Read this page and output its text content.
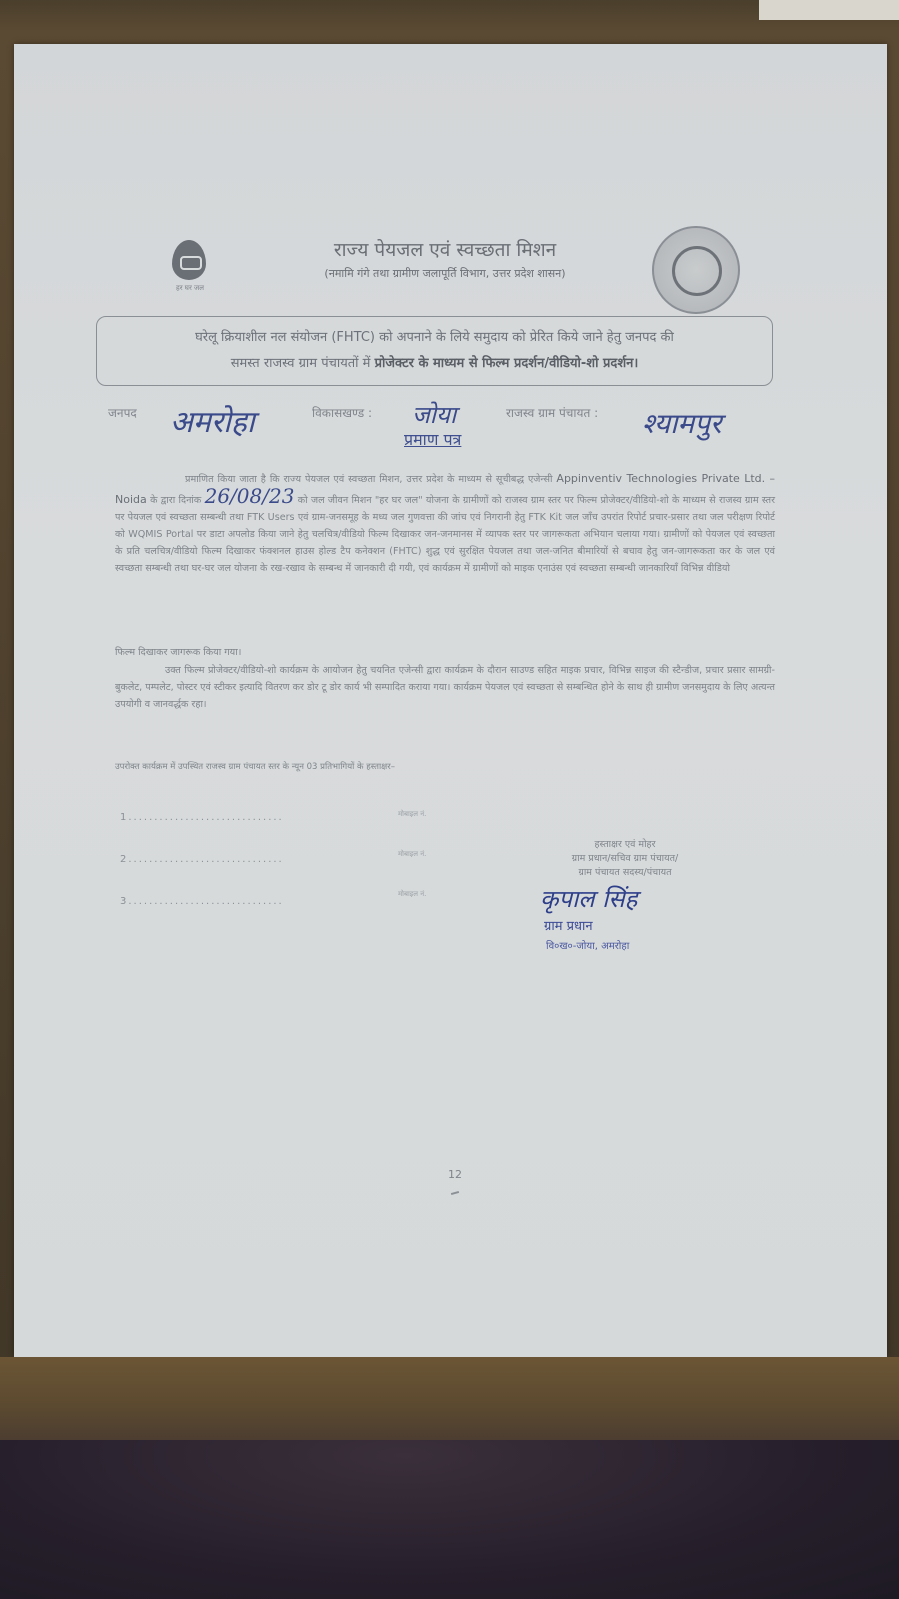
हर घर जल
राज्य पेयजल एवं स्वच्छता मिशन
(नमामि गंगे तथा ग्रामीण जलापूर्ति विभाग, उत्तर प्रदेश शासन)
घरेलू क्रियाशील नल संयोजन (FHTC) को अपनाने के लिये समुदाय को प्रेरित किये जाने हेतु जनपद की
समस्त राजस्व ग्राम पंचायतों में प्रोजेक्टर के माध्यम से फिल्म प्रदर्शन/वीडियो-शो प्रदर्शन।
जनपद अमरोहा	विकासखण्ड : जोया	राजस्व ग्राम पंचायत : श्यामपुर
प्रमाण पत्र
प्रमाणित किया जाता है कि राज्य पेयजल एवं स्वच्छता मिशन, उत्तर प्रदेश के माध्यम से सूचीबद्ध एजेन्सी Appinventiv Technologies Private Ltd. – Noida के द्वारा दिनांक 26/08/23 को जल जीवन मिशन "हर घर जल" योजना के ग्रामीणों को राजस्व ग्राम स्तर पर फिल्म प्रोजेक्टर/वीडियो-शो के माध्यम से राजस्व ग्राम स्तर पर पेयजल एवं स्वच्छता सम्बन्धी तथा FTK Users एवं ग्राम-जनसमूह के मध्य जल गुणवत्ता की जांच एवं निगरानी हेतु FTK Kit जल जाँच उपरांत रिपोर्ट प्रचार-प्रसार तथा जल परीक्षण रिपोर्ट को WQMIS Portal पर डाटा अपलोड किया जाने हेतु चलचित्र/वीडियो फिल्म दिखाकर जन-जनमानस में व्यापक स्तर पर जागरूकता अभियान चलाया गया। ग्रामीणों को पेयजल एवं स्वच्छता के प्रति चलचित्र/वीडियो फिल्म दिखाकर फंक्शनल हाउस होल्ड टैप कनेक्शन (FHTC) शुद्ध एवं सुरक्षित पेयजल तथा जल-जनित बीमारियों से बचाव हेतु जन-जागरूकता कर के जल एवं स्वच्छता सम्बन्धी तथा घर-घर जल योजना के रख-रखाव के सम्बन्ध में जानकारी दी गयी, एवं कार्यक्रम में ग्रामीणों को माइक एनाउंस एवं स्वच्छता सम्बन्धी जानकारियाँ विभिन्न वीडियो
फिल्म दिखाकर जागरूक किया गया।
उक्त फिल्म प्रोजेक्टर/वीडियो-शो कार्यक्रम के आयोजन हेतु चयनित एजेन्सी द्वारा कार्यक्रम के दौरान साउण्ड सहित माइक प्रचार, विभिन्न साइज की स्टैन्डीज, प्रचार प्रसार सामग्री-बुकलेट, पम्पलेट, पोस्टर एवं स्टीकर इत्यादि वितरण कर डोर टू डोर कार्य भी सम्पादित कराया गया। कार्यक्रम पेयजल एवं स्वच्छता से सम्बन्धित होने के साथ ही ग्रामीण जनसमुदाय के लिए अत्यन्त उपयोगी व जानवर्द्धक रहा।
उपरोक्त कार्यक्रम में उपस्थित राजस्व ग्राम पंचायत स्तर के न्यून 03 प्रतिभागियों के हस्ताक्षर–
1..............................
2..............................
3..............................
मोबाइल नं.
मोबाइल नं.
मोबाइल नं.
हस्ताक्षर एवं मोहर
ग्राम प्रधान/सचिव ग्राम पंचायत/
ग्राम पंचायत सदस्य/पंचायत
कृपाल सिंह
ग्राम प्रधान
वि०ख०-जोया, अमरोहा
12
